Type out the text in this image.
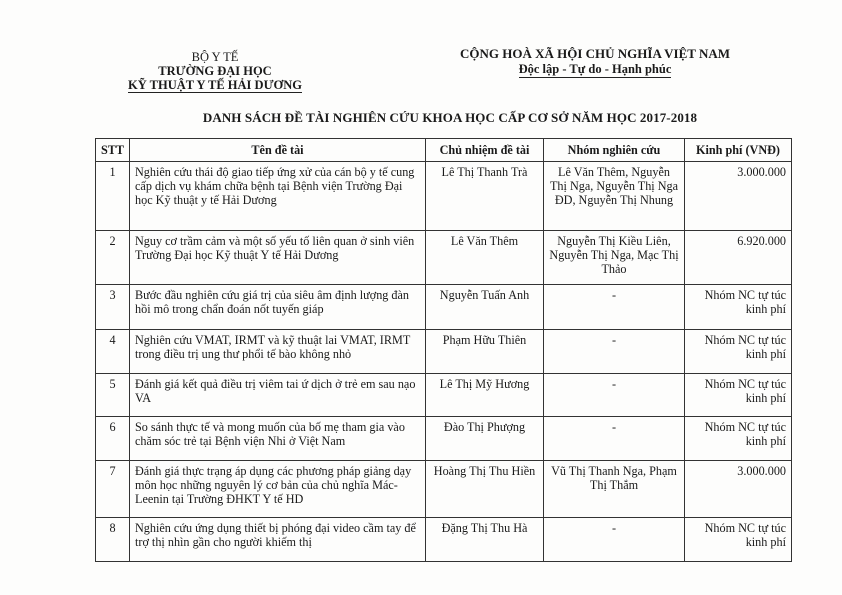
BỘ Y TẾ
TRƯỜNG ĐẠI HỌC
KỸ THUẬT Y TẾ HẢI DƯƠNG
CỘNG HOÀ XÃ HỘI CHỦ NGHĨA VIỆT NAM
Độc lập - Tự do - Hạnh phúc
DANH SÁCH ĐỀ TÀI NGHIÊN CỨU KHOA HỌC CẤP CƠ SỞ NĂM HỌC 2017-2018
STT	Tên đề tài	Chủ nhiệm đề tài	Nhóm nghiên cứu	Kinh phí (VNĐ)
1	Nghiên cứu thái độ giao tiếp ứng xử của cán bộ y tế cung cấp dịch vụ khám chữa bệnh tại Bệnh viện Trường Đại học Kỹ thuật y tế Hải Dương	Lê Thị Thanh Trà	Lê Văn Thêm, Nguyễn Thị Nga, Nguyễn Thị Nga ĐD, Nguyễn Thị Nhung	3.000.000
2	Nguy cơ trầm cảm và một số yếu tố liên quan ở sinh viên Trường Đại học Kỹ thuật Y tế Hải Dương	Lê Văn Thêm	Nguyễn Thị Kiều Liên, Nguyễn Thị Nga, Mạc Thị Thảo	6.920.000
3	Bước đầu nghiên cứu giá trị của siêu âm định lượng đàn hồi mô trong chẩn đoán nốt tuyến giáp	Nguyễn Tuấn Anh	-	Nhóm NC tự túc kinh phí
4	Nghiên cứu VMAT, IRMT và kỹ thuật lai VMAT, IRMT trong điều trị ung thư phổi tế bào không nhỏ	Phạm Hữu Thiên	-	Nhóm NC tự túc kinh phí
5	Đánh giá kết quả điều trị viêm tai ứ dịch ở trẻ em sau nạo VA	Lê Thị Mỹ Hương	-	Nhóm NC tự túc kinh phí
6	So sánh thực tế và mong muốn của bố mẹ tham gia vào chăm sóc trẻ tại Bệnh viện Nhi ở Việt Nam	Đào Thị Phượng	-	Nhóm NC tự túc kinh phí
7	Đánh giá thực trạng áp dụng các phương pháp giảng dạy môn học những nguyên lý cơ bản của chủ nghĩa Mác-Leenin tại Trường ĐHKT Y tế HD	Hoàng Thị Thu Hiền	Vũ Thị Thanh Nga, Phạm Thị Thắm	3.000.000
8	Nghiên cứu ứng dụng thiết bị phóng đại video cầm tay để trợ thị nhìn gần cho người khiếm thị	Đặng Thị Thu Hà	-	Nhóm NC tự túc kinh phí
